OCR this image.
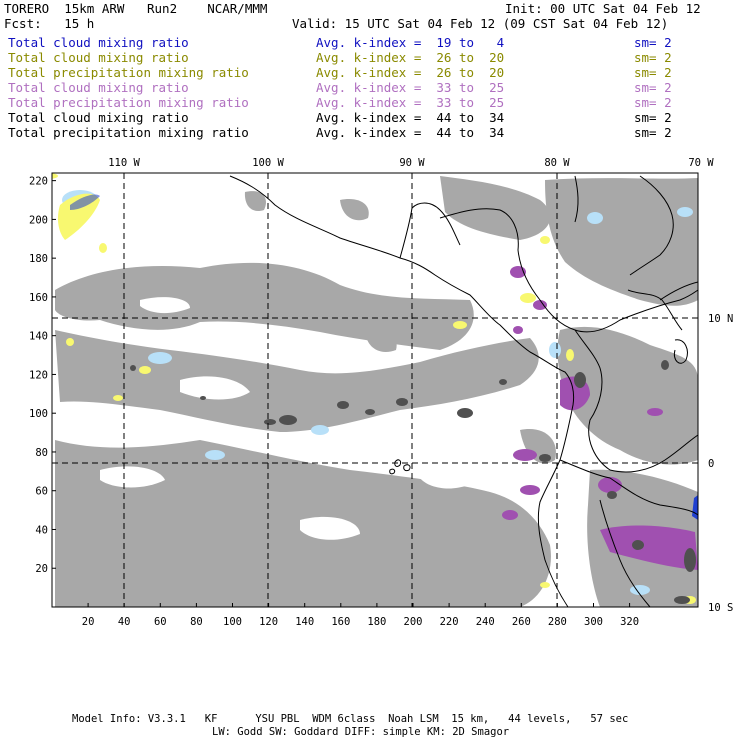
TORERO  15km ARW   Run2    NCAR/MMM	Init: 00 UTC Sat 04 Feb 12
Fcst:   15 h	Valid: 15 UTC Sat 04 Feb 12 (09 CST Sat 04 Feb 12)
Total cloud mixing ratio	Avg. k-index =  19 to   4	sm= 2
Total cloud mixing ratio	Avg. k-index =  26 to  20	sm= 2
Total precipitation mixing ratio	Avg. k-index =  26 to  20	sm= 2
Total cloud mixing ratio	Avg. k-index =  33 to  25	sm= 2
Total precipitation mixing ratio	Avg. k-index =  33 to  25	sm= 2
Total cloud mixing ratio	Avg. k-index =  44 to  34	sm= 2
Total precipitation mixing ratio	Avg. k-index =  44 to  34	sm= 2
110 W	100 W	90 W	80 W	70 W
10 N
0
10 S
20 40 60 80 100 120 140 160 180 200 220 240 260 280 300 320
220
200
180
160
140
120
100
80
60
40
20
Model Info: V3.3.1   KF      YSU PBL  WDM 6class  Noah LSM  15 km,   44 levels,   57 sec
LW: Godd SW: Goddard DIFF: simple KM: 2D Smagor
